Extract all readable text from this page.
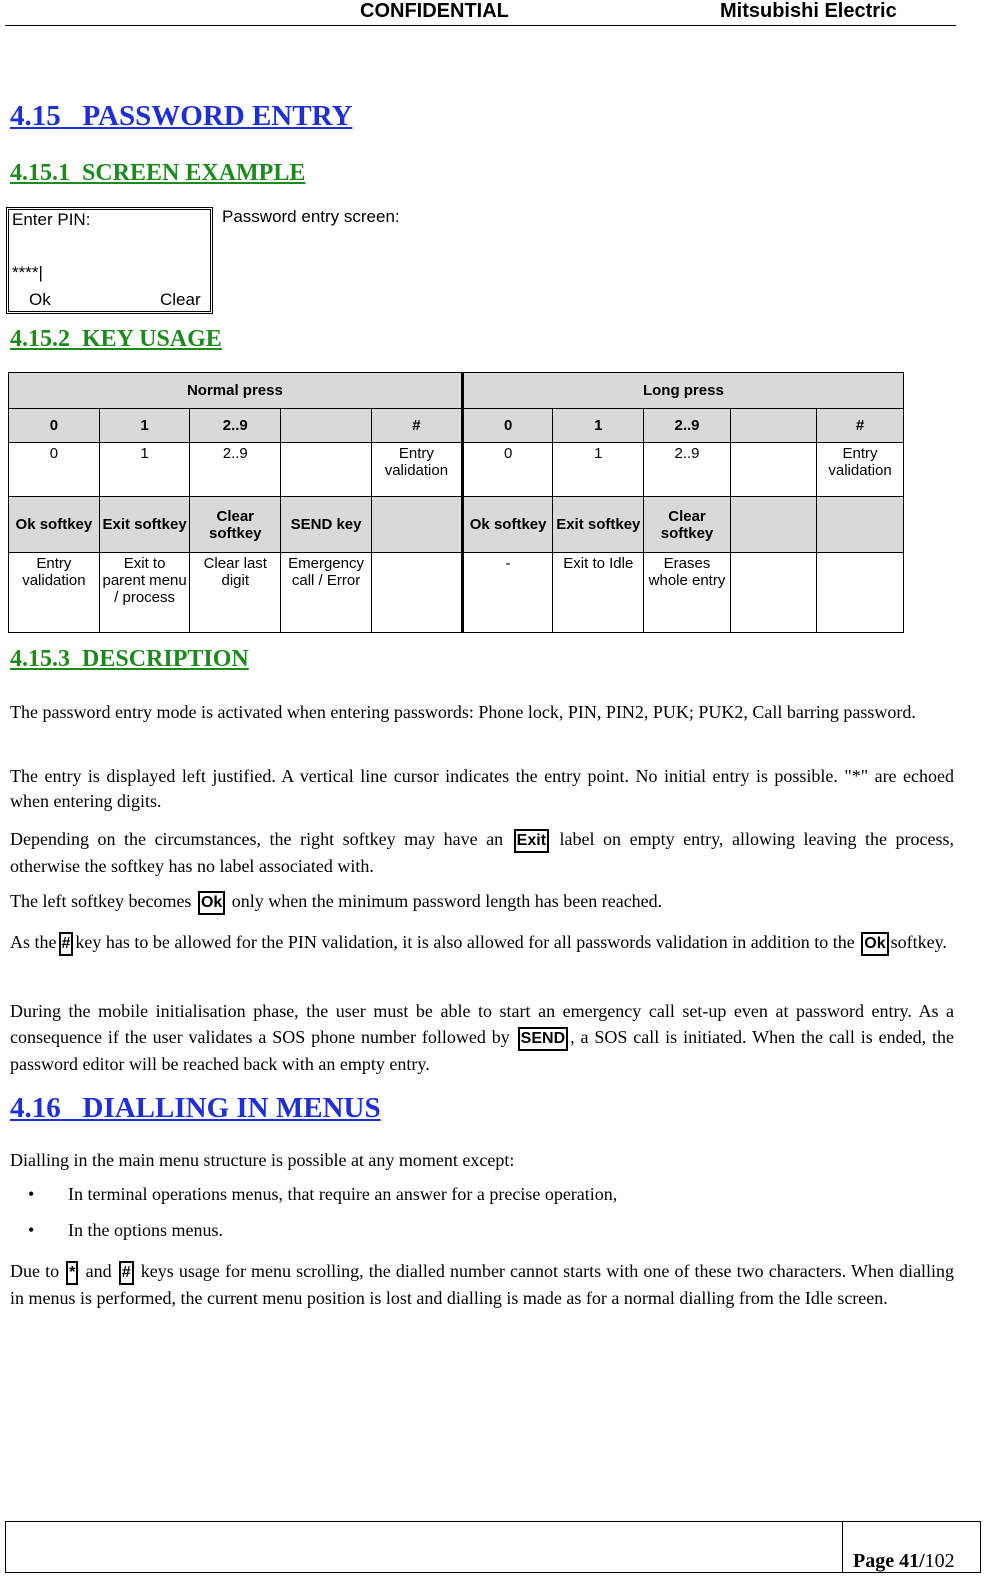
CONFIDENTIAL	Mitsubishi Electric
4.15 PASSWORD ENTRY
4.15.1 SCREEN EXAMPLE
Enter PIN:
****|
Ok	Clear
Password entry screen:
4.15.2 KEY USAGE
Normal press					Long press				
0	1	2..9		#	0	1	2..9		#
0	1	2..9		Entry validation	0	1	2..9		Entry validation
Ok softkey	Exit softkey	Clear softkey	SEND key		Ok softkey	Exit softkey	Clear softkey		
Entry validation	Exit to parent menu / process	Clear last digit	Emergency call / Error		-	Exit to Idle	Erases whole entry		
4.15.3 DESCRIPTION
The password entry mode is activated when entering passwords: Phone lock, PIN, PIN2, PUK; PUK2, Call barring password.
The entry is displayed left justified. A vertical line cursor indicates the entry point. No initial entry is possible. "*" are echoed when entering digits.
Depending on the circumstances, the right softkey may have an Exit label on empty entry, allowing leaving the process, otherwise the softkey has no label associated with.
The left softkey becomes Ok only when the minimum password length has been reached.
As the # key has to be allowed for the PIN validation, it is also allowed for all passwords validation in addition to the Ok softkey.
During the mobile initialisation phase, the user must be able to start an emergency call set-up even at password entry. As a consequence if the user validates a SOS phone number followed by SEND , a SOS call is initiated. When the call is ended, the password editor will be reached back with an empty entry.
4.16 DIALLING IN MENUS
Dialling in the main menu structure is possible at any moment except:
• In terminal operations menus, that require an answer for a precise operation,
• In the options menus.
Due to * and # keys usage for menu scrolling, the dialled number cannot starts with one of these two characters. When dialling in menus is performed, the current menu position is lost and dialling is made as for a normal dialling from the Idle screen.
Page 41/102
